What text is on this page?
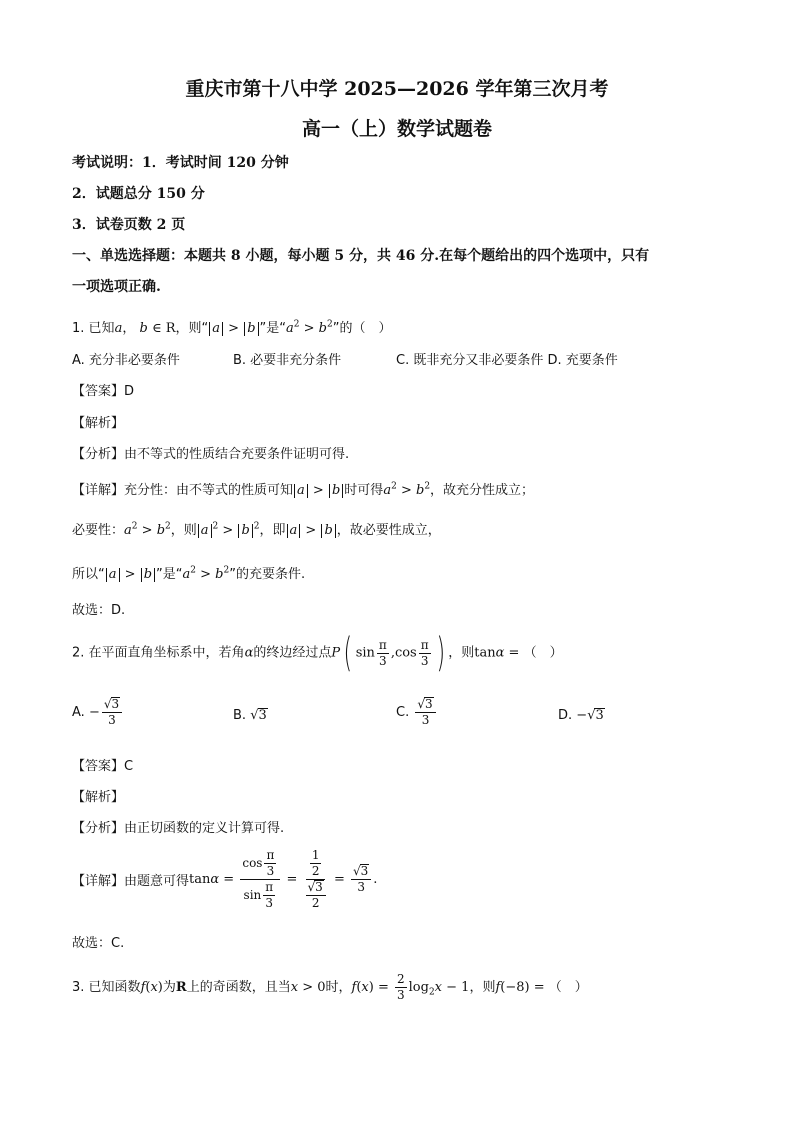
重庆市第十八中学 2025—2026 学年第三次月考
高一（上）数学试题卷
考试说明：1．考试时间 120 分钟
2．试题总分 150 分
3．试卷页数 2 页
一、单选选择题：本题共 8 小题，每小题 5 分，共 46 分.在每个题给出的四个选项中，只有
一项选项正确.
1. 已知a， b ∈ R，则“ a > b ”是“$a^2 > b^2$”的（　）
A. 充分非必要条件	B. 必要非充分条件	C. 既非充分又非必要条件 D. 充要条件
【答案】D
【解析】
【分析】由不等式的性质结合充要条件证明可得.
【详解】充分性：由不等式的性质可知 a > b 时可得$a^2 > b^2$，故充分性成立；
必要性：$a^2 > b^2$，则 a $^2$ > b $^2$，即 a > b ，故必要性成立，
所以“ a > b ”是“$a^2 > b^2$”的充要条件.
故选：D.
2. 在平面直角坐标系中，若角α的终边经过点P( $\sin \frac{\pi}{3} ,\cos \frac{\pi}{3}$ ) ，则tanα = （　）
A. − $\frac{√3}{3}$	B. √3	C. $\frac{√3}{3}$	D. −√3
【答案】C
【解析】
【分析】由正切函数的定义计算可得.
【详解】由题意可得$\tan\alpha = \frac{\cos \frac{\pi}{3}}{\sin \frac{\pi}{3}} = \frac{\frac{1}{2}}{\frac{√3}{2}} = \frac{√3}{3}$ .
故选：C.
3. 已知函数f(x)为R上的奇函数，且当x > 0时，$f(x) = \frac{2}{3} \log_2x - 1$，则f(−8) = （　）
